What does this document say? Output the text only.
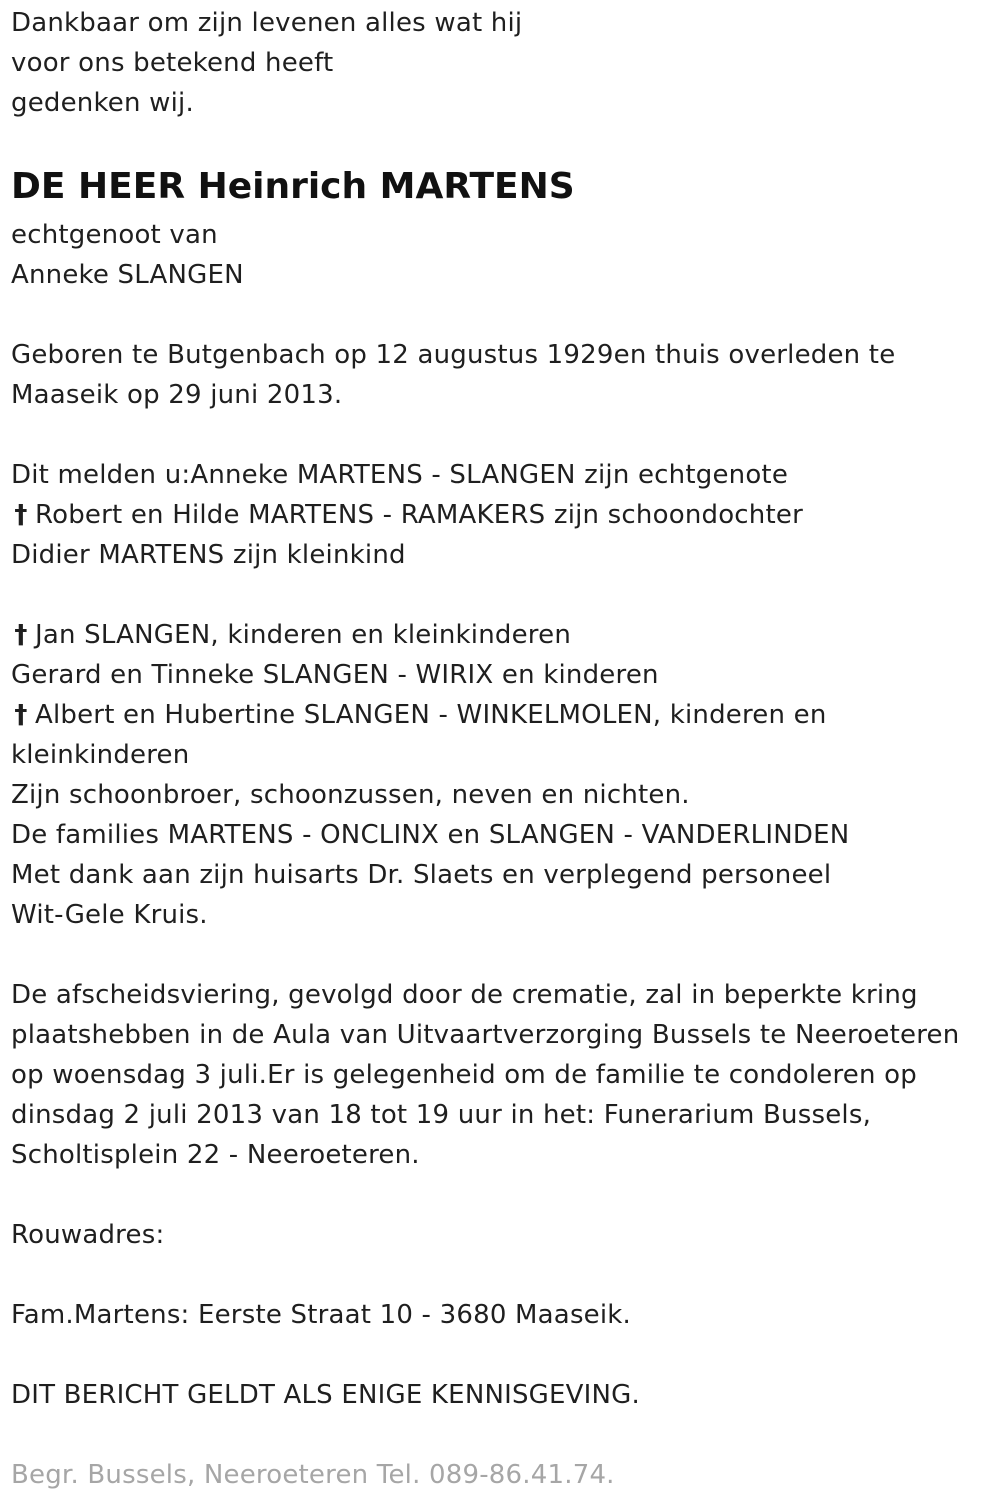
Dankbaar om zijn levenen alles wat hij
voor ons betekend heeft
gedenken wij.
DE HEER Heinrich MARTENS
echtgenoot van
Anneke SLANGEN
Geboren te Butgenbach op 12 augustus 1929en thuis overleden te
Maaseik op 29 juni 2013.
Dit melden u:Anneke MARTENS - SLANGEN zijn echtgenote
† Robert en Hilde MARTENS - RAMAKERS zijn schoondochter
Didier MARTENS zijn kleinkind
† Jan SLANGEN, kinderen en kleinkinderen
Gerard en Tinneke SLANGEN - WIRIX en kinderen
† Albert en Hubertine SLANGEN - WINKELMOLEN, kinderen en
kleinkinderen
Zijn schoonbroer, schoonzussen, neven en nichten.
De families MARTENS - ONCLINX en SLANGEN - VANDERLINDEN
Met dank aan zijn huisarts Dr. Slaets en verplegend personeel
Wit-Gele Kruis.
De afscheidsviering, gevolgd door de crematie, zal in beperkte kring
plaatshebben in de Aula van Uitvaartverzorging Bussels te Neeroeteren
op woensdag 3 juli.Er is gelegenheid om de familie te condoleren op
dinsdag 2 juli 2013 van 18 tot 19 uur in het: Funerarium Bussels,
Scholtisplein 22 - Neeroeteren.
Rouwadres:
Fam.Martens: Eerste Straat 10 - 3680 Maaseik.
DIT BERICHT GELDT ALS ENIGE KENNISGEVING.
Begr. Bussels, Neeroeteren Tel. 089-86.41.74.
